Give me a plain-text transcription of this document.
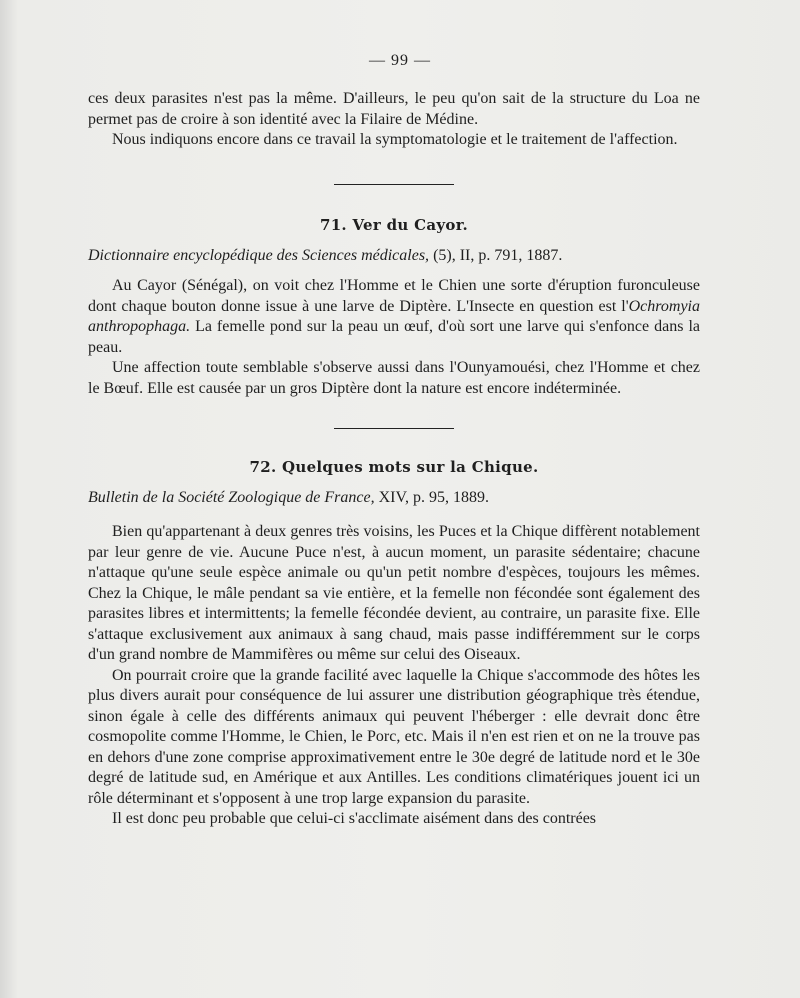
— 99 —

ces deux parasites n'est pas la même. D'ailleurs, le peu qu'on sait de la structure du Loa ne permet pas de croire à son identité avec la Filaire de Médine.

Nous indiquons encore dans ce travail la symptomatologie et le traitement de l'affection.

71. Ver du Cayor.

Dictionnaire encyclopédique des Sciences médicales, (5), II, p. 791, 1887.

Au Cayor (Sénégal), on voit chez l'Homme et le Chien une sorte d'éruption furonculeuse dont chaque bouton donne issue à une larve de Diptère. L'Insecte en question est l'Ochromyia anthropophaga. La femelle pond sur la peau un œuf, d'où sort une larve qui s'enfonce dans la peau.

Une affection toute semblable s'observe aussi dans l'Ounyamouési, chez l'Homme et chez le Bœuf. Elle est causée par un gros Diptère dont la nature est encore indéterminée.

72. Quelques mots sur la Chique.

Bulletin de la Société Zoologique de France, XIV, p. 95, 1889.

Bien qu'appartenant à deux genres très voisins, les Puces et la Chique diffèrent notablement par leur genre de vie. Aucune Puce n'est, à aucun moment, un parasite sédentaire; chacune n'attaque qu'une seule espèce animale ou qu'un petit nombre d'espèces, toujours les mêmes. Chez la Chique, le mâle pendant sa vie entière, et la femelle non fécondée sont également des parasites libres et intermittents; la femelle fécondée devient, au contraire, un parasite fixe. Elle s'attaque exclusivement aux animaux à sang chaud, mais passe indifféremment sur le corps d'un grand nombre de Mammifères ou même sur celui des Oiseaux.

On pourrait croire que la grande facilité avec laquelle la Chique s'accommode des hôtes les plus divers aurait pour conséquence de lui assurer une distribution géographique très étendue, sinon égale à celle des différents animaux qui peuvent l'héberger : elle devrait donc être cosmopolite comme l'Homme, le Chien, le Porc, etc. Mais il n'en est rien et on ne la trouve pas en dehors d'une zone comprise approximativement entre le 30e degré de latitude nord et le 30e degré de latitude sud, en Amérique et aux Antilles. Les conditions climatériques jouent ici un rôle déterminant et s'opposent à une trop large expansion du parasite.

Il est donc peu probable que celui-ci s'acclimate aisément dans des contrées
